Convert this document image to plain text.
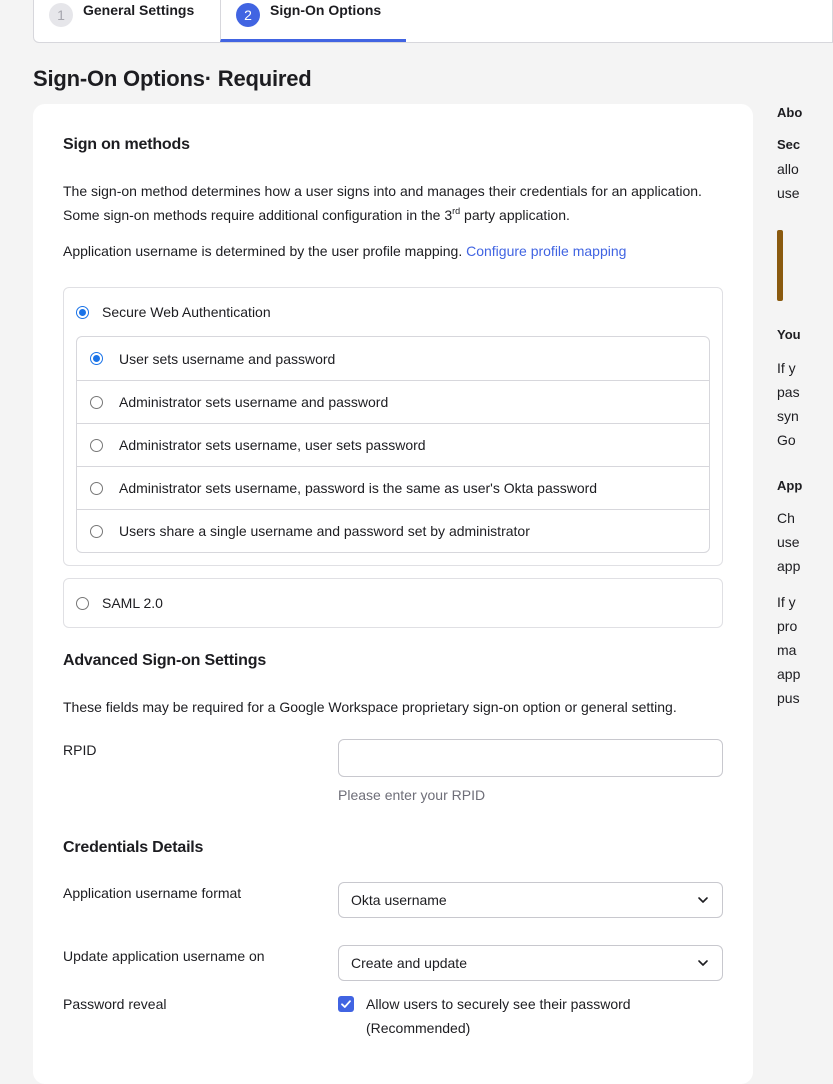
1	General Settings	2	Sign-On Options
Sign-On Options· Required
Sign on methods
The sign-on method determines how a user signs into and manages their credentials for an application. Some sign-on methods require additional configuration in the 3rd party application.
Application username is determined by the user profile mapping. Configure profile mapping
Secure Web Authentication
User sets username and password
Administrator sets username and password
Administrator sets username, user sets password
Administrator sets username, password is the same as user's Okta password
Users share a single username and password set by administrator
SAML 2.0
Advanced Sign-on Settings
These fields may be required for a Google Workspace proprietary sign-on option or general setting.
RPID
Please enter your RPID
Credentials Details
Application username format	Okta username
Update application username on	Create and update
Password reveal	Allow users to securely see their password (Recommended)
Abo
Sec
allo
use
You
If y
pas
syn
Go
App
Ch
use
app
If y
pro
ma
app
pus
